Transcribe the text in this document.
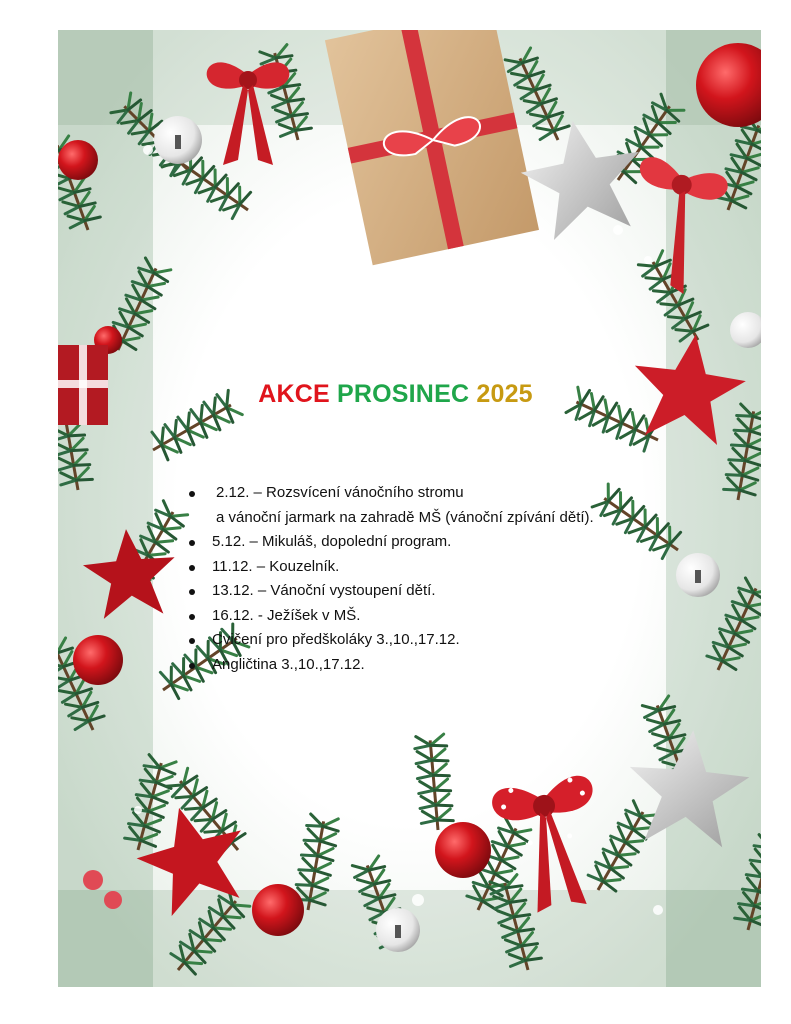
AKCE PROSINEC 2025
2.12. – Rozsvícení vánočního stromu
a vánoční jarmark na zahradě MŠ (vánoční zpívání dětí).
5.12. – Mikuláš, dopolední program.
11.12. – Kouzelník.
13.12. – Vánoční vystoupení dětí.
16.12. - Ježíšek v MŠ.
Cvičení pro předškoláky 3.,10.,17.12.
Angličtina 3.,10.,17.12.
